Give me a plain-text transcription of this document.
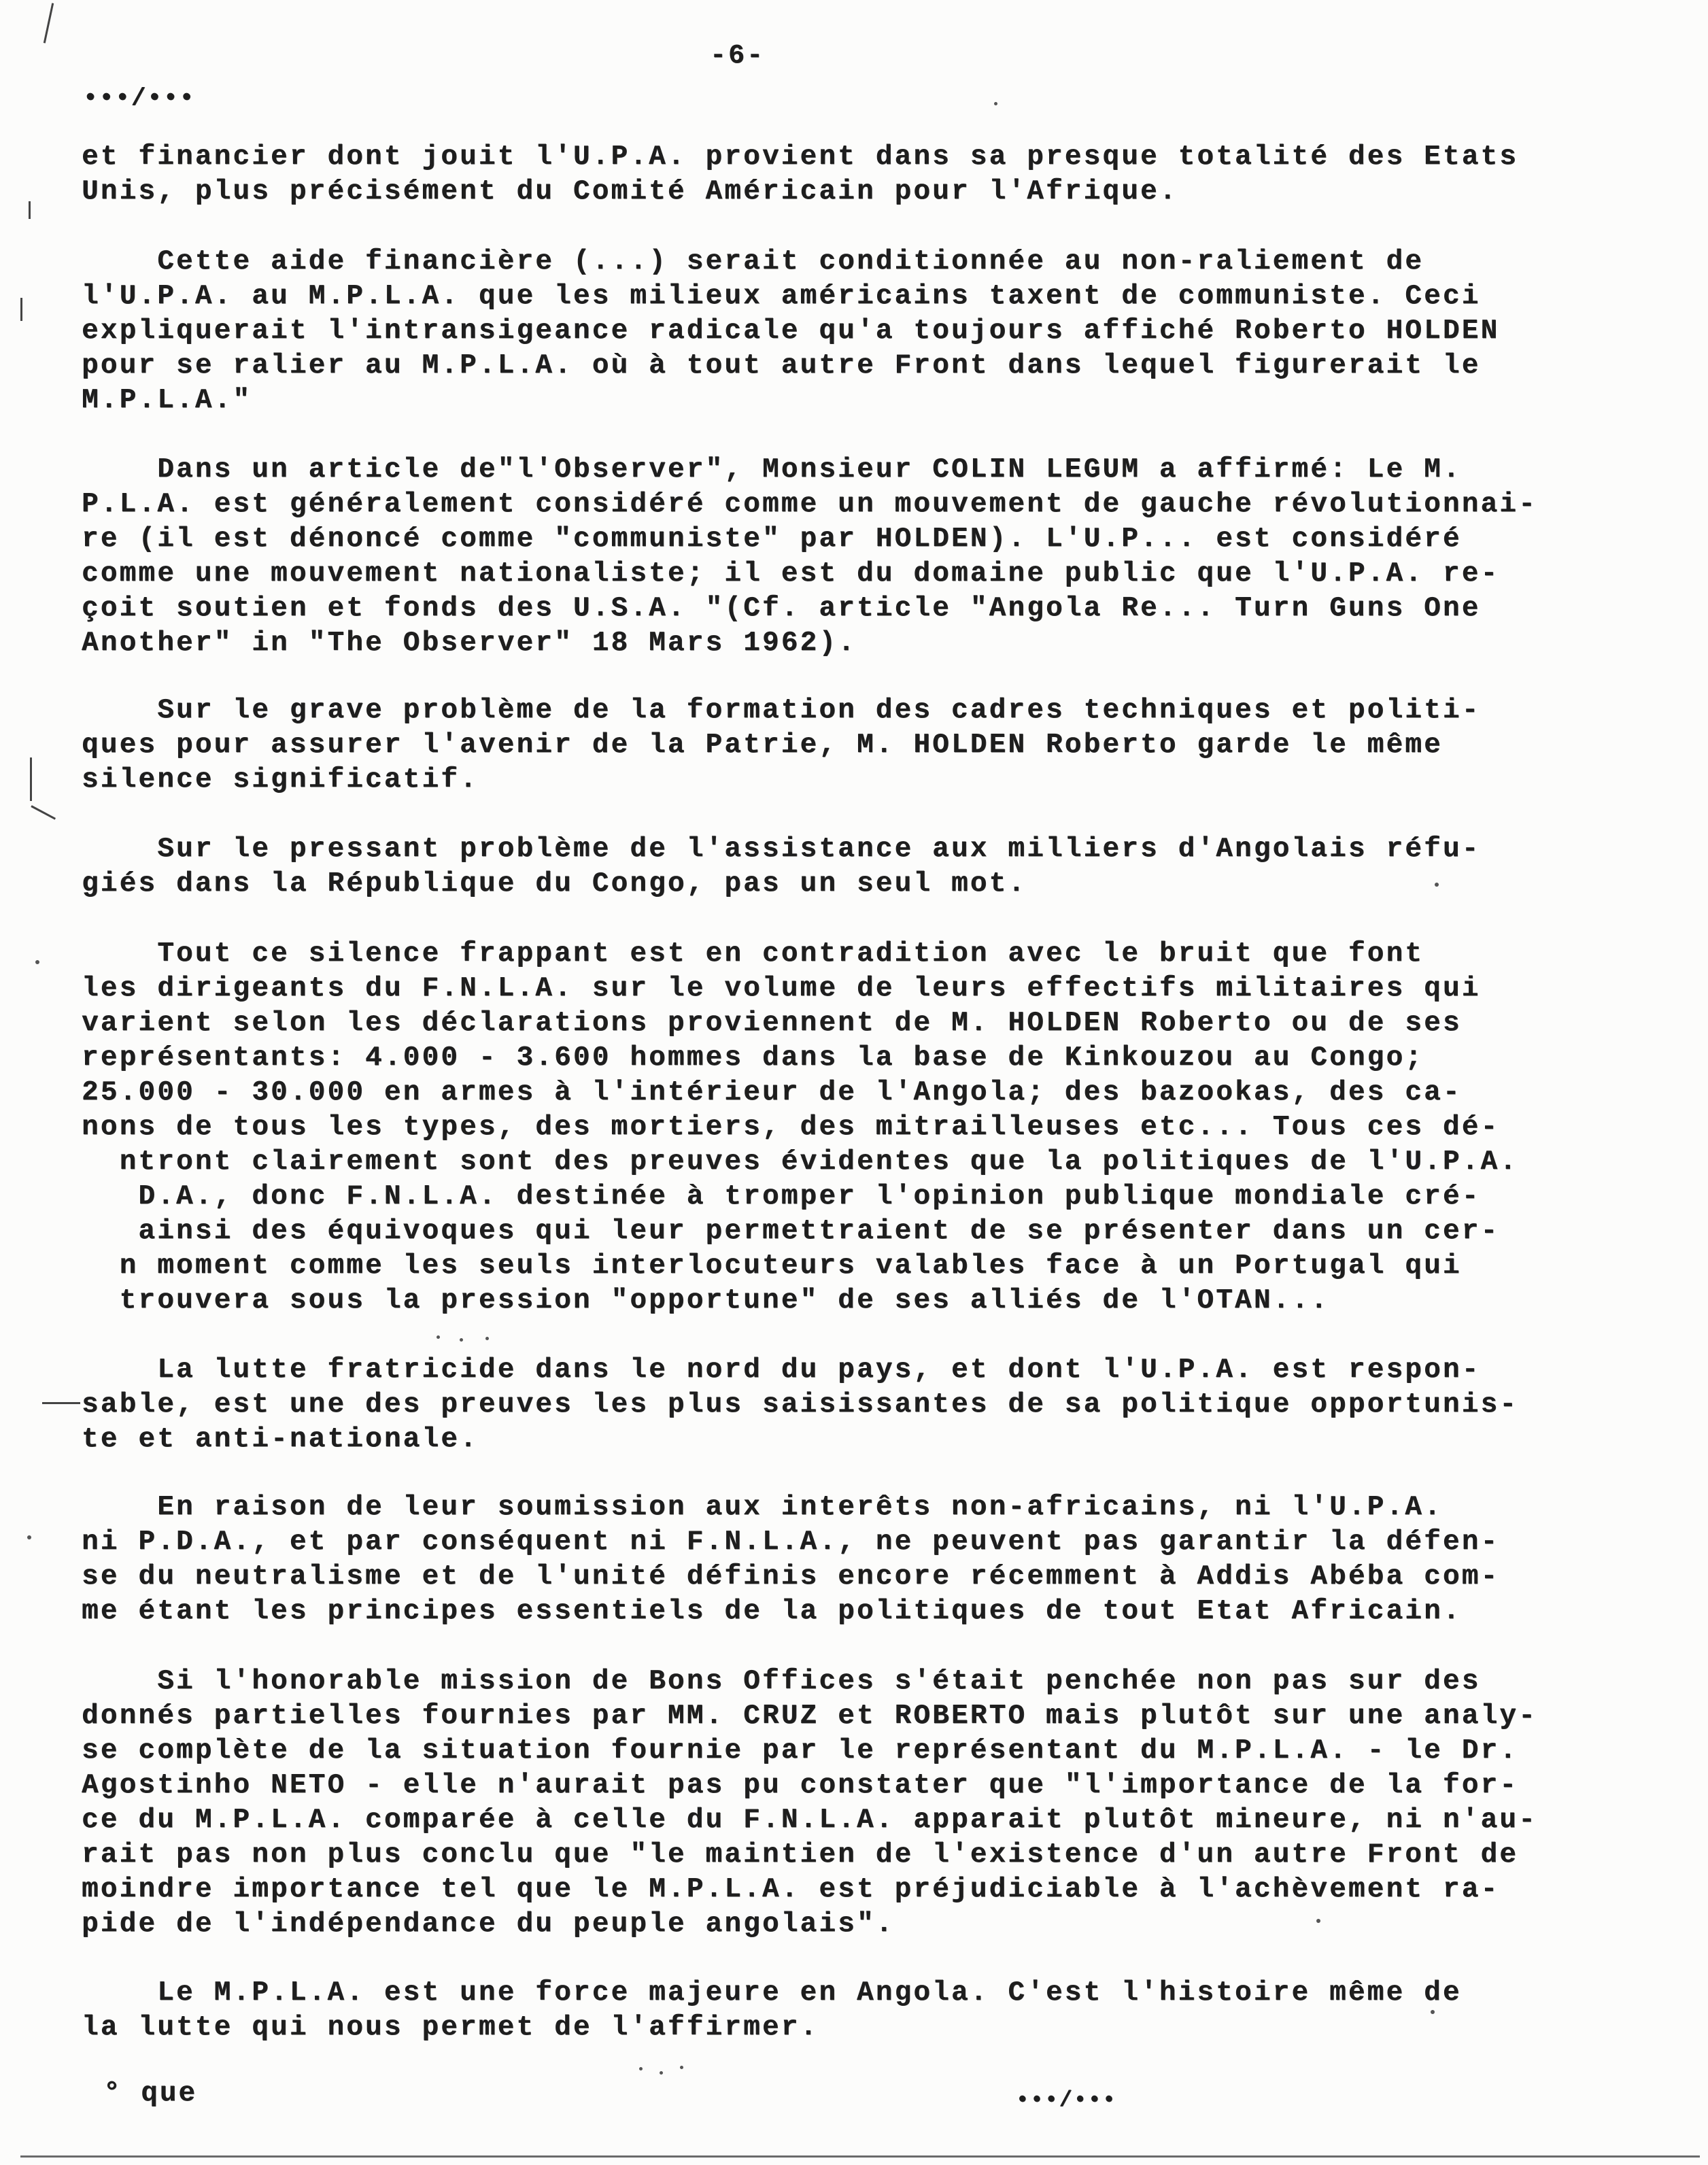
-6-
•••/•••
et financier dont jouit l'U.P.A. provient dans sa presque totalité des Etats
Unis, plus précisément du Comité Américain pour l'Afrique.
Cette aide financière (...) serait conditionnée au non-raliement de
l'U.P.A. au M.P.L.A. que les milieux américains taxent de communiste. Ceci
expliquerait l'intransigeance radicale qu'a toujours affiché Roberto HOLDEN
pour se ralier au M.P.L.A. où à tout autre Front dans lequel figurerait le
M.P.L.A."
Dans un article de"l'Observer", Monsieur COLIN LEGUM a affirmé: Le M.
P.L.A. est généralement considéré comme un mouvement de gauche révolutionnai-
re (il est dénoncé comme "communiste" par HOLDEN). L'U.P... est considéré
comme une mouvement nationaliste; il est du domaine public que l'U.P.A. re-
çoit soutien et fonds des U.S.A. "(Cf. article "Angola Re... Turn Guns One
Another" in "The Observer" 18 Mars 1962).
Sur le grave problème de la formation des cadres techniques et politi-
ques pour assurer l'avenir de la Patrie, M. HOLDEN Roberto garde le même
silence significatif.
Sur le pressant problème de l'assistance aux milliers d'Angolais réfu-
giés dans la République du Congo, pas un seul mot.
Tout ce silence frappant est en contradition avec le bruit que font
les dirigeants du F.N.L.A. sur le volume de leurs effectifs militaires qui
varient selon les déclarations proviennent de M. HOLDEN Roberto ou de ses
représentants: 4.000 - 3.600 hommes dans la base de Kinkouzou au Congo;
25.000 - 30.000 en armes à l'intérieur de l'Angola; des bazookas, des ca-
nons de tous les types, des mortiers, des mitrailleuses etc... Tous ces dé-
ntront clairement sont des preuves évidentes que la politiques de l'U.P.A.
D.A., donc F.N.L.A. destinée à tromper l'opinion publique mondiale cré-
ainsi des équivoques qui leur permettraient de se présenter dans un cer-
n moment comme les seuls interlocuteurs valables face à un Portugal qui
trouvera sous la pression "opportune" de ses alliés de l'OTAN...
La lutte fratricide dans le nord du pays, et dont l'U.P.A. est respon-
sable, est une des preuves les plus saisissantes de sa politique opportunis-
te et anti-nationale.
En raison de leur soumission aux interêts non-africains, ni l'U.P.A.
ni P.D.A., et par conséquent ni F.N.L.A., ne peuvent pas garantir la défen-
se du neutralisme et de l'unité définis encore récemment à Addis Abéba com-
me étant les principes essentiels de la politiques de tout Etat Africain.
Si l'honorable mission de Bons Offices s'était penchée non pas sur des
donnés partielles fournies par MM. CRUZ et ROBERTO mais plutôt sur une analy-
se complète de la situation fournie par le représentant du M.P.L.A. - le Dr.
Agostinho NETO - elle n'aurait pas pu constater que "l'importance de la for-
ce du M.P.L.A. comparée à celle du F.N.L.A. apparait plutôt mineure, ni n'au-
rait pas non plus conclu que "le maintien de l'existence d'un autre Front de
moindre importance tel que le M.P.L.A. est préjudiciable à l'achèvement ra-
pide de l'indépendance du peuple angolais".
Le M.P.L.A. est une force majeure en Angola. C'est l'histoire même de
la lutte qui nous permet de l'affirmer.
° que	•••/•••
